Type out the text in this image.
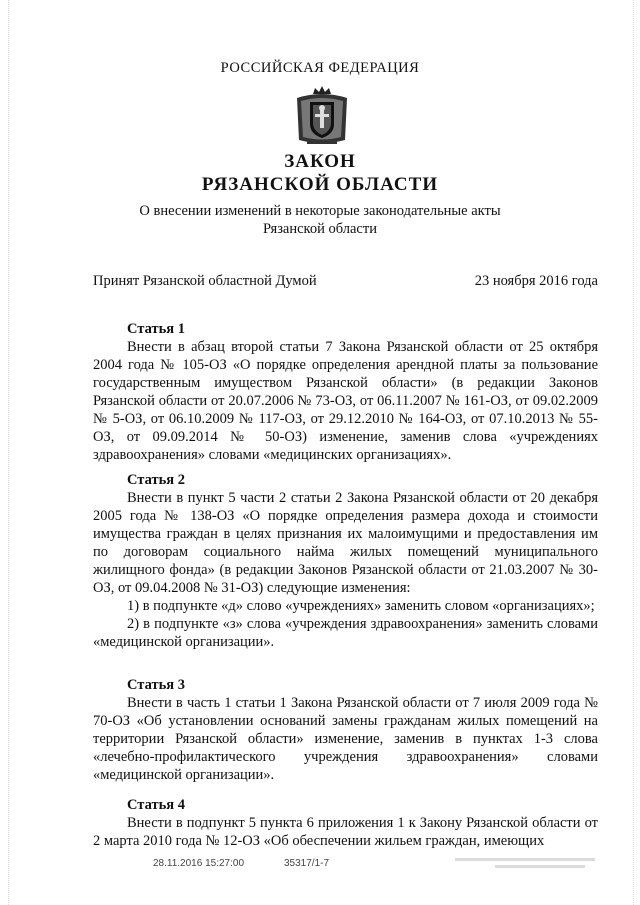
РОССИЙСКАЯ ФЕДЕРАЦИЯ
ЗАКОН
РЯЗАНСКОЙ ОБЛАСТИ
О внесении изменений в некоторые законодательные акты
Рязанской области
Принят Рязанской областной Думой	23 ноября 2016 года
Статья 1

Внести в абзац второй статьи 7 Закона Рязанской области от 25 октября 2004 года № 105-ОЗ «О порядке определения арендной платы за пользование государственным имуществом Рязанской области» (в редакции Законов Рязанской области от 20.07.2006 № 73-ОЗ, от 06.11.2007 № 161-ОЗ, от 09.02.2009 № 5-ОЗ, от 06.10.2009 № 117-ОЗ, от 29.12.2010 № 164-ОЗ, от 07.10.2013 № 55-ОЗ, от 09.09.2014 № 50-ОЗ) изменение, заменив слова «учреждениях здравоохранения» словами «медицинских организациях».

Статья 2

Внести в пункт 5 части 2 статьи 2 Закона Рязанской области от 20 декабря 2005 года № 138-ОЗ «О порядке определения размера дохода и стоимости имущества граждан в целях признания их малоимущими и предоставления им по договорам социального найма жилых помещений муниципального жилищного фонда» (в редакции Законов Рязанской области от 21.03.2007 № 30-ОЗ, от 09.04.2008 № 31-ОЗ) следующие изменения:

1) в подпункте «д» слово «учреждениях» заменить словом «организациях»;

2) в подпункте «з» слова «учреждения здравоохранения» заменить словами «медицинской организации».

Статья 3

Внести в часть 1 статьи 1 Закона Рязанской области от 7 июля 2009 года № 70-ОЗ «Об установлении оснований замены гражданам жилых помещений на территории Рязанской области» изменение, заменив в пунктах 1-3 слова «лечебно-профилактического учреждения здравоохранения» словами «медицинской организации».

Статья 4

Внести в подпункт 5 пункта 6 приложения 1 к Закону Рязанской области от 2 марта 2010 года № 12-ОЗ «Об обеспечении жильем граждан, имеющих

28.11.2016 15:27:00	35317/1-7
